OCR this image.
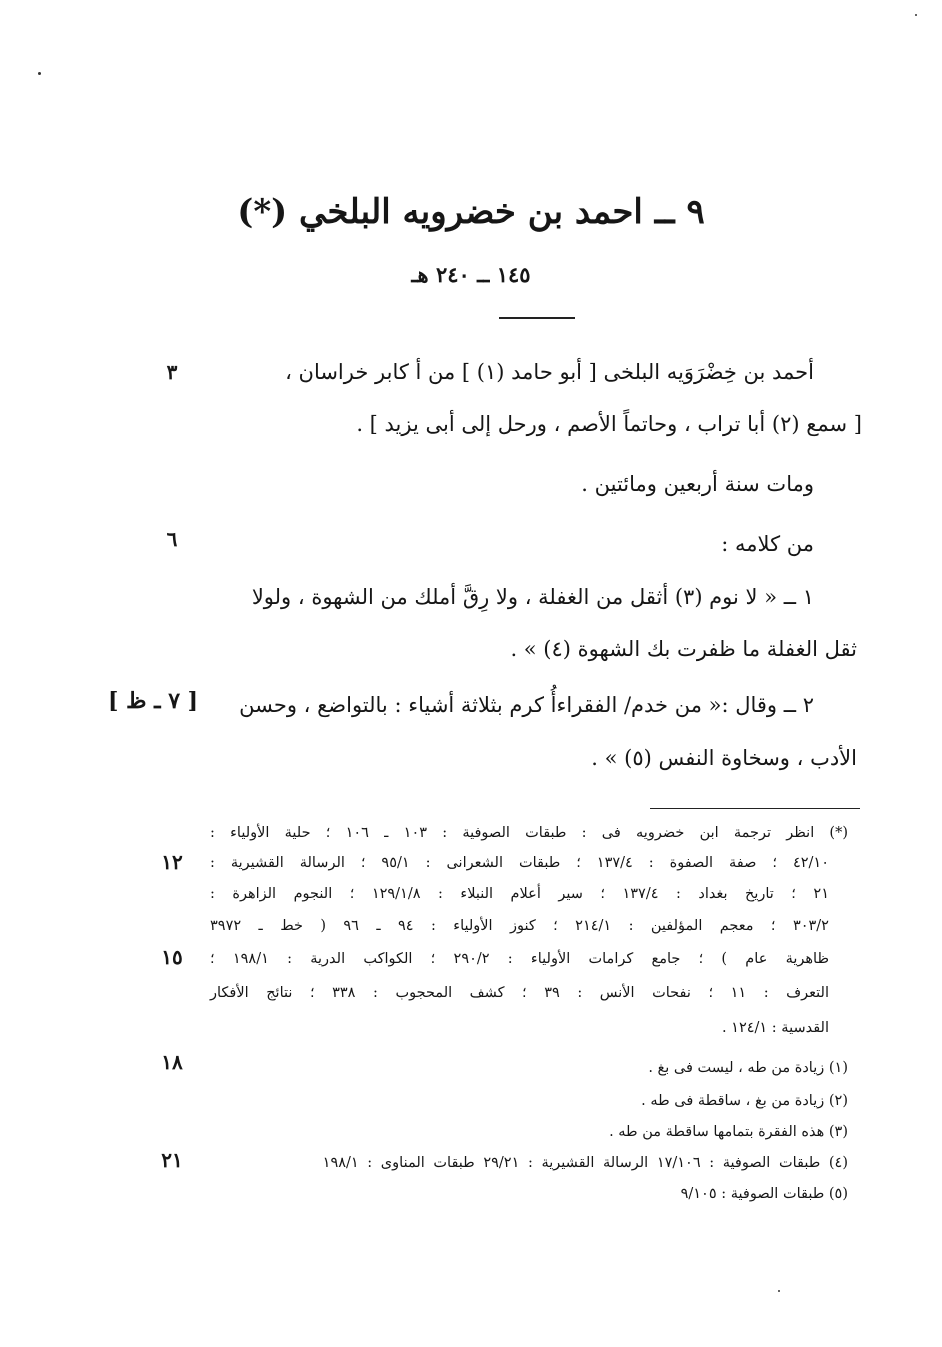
٩ ــ احمد بن خضرويه البلخي (*)
١٤٥ ــ ٢٤٠ هـ
أحمد بن خِضْرَوَيه البلخى [ أبو حامد (١) ] من أ كابر خراسان ،
[ سمع (٢) أبا تراب ، وحاتماً الأصم ، ورحل إلى أبى يزيد ] .
ومات سنة أربعين ومائتين .
من كلامه :
١ ــ « لا نوم (٣) أثقل من الغفلة ، ولا رِقَّ أملك من الشهوة ، ولولا
ثقل الغفلة ما ظفرت بك الشهوة (٤) » .
٢ ــ وقال :« من خدم/ الفقراءأُ كرم بثلاثة أشياء : بالتواضع ، وحسن
[ ٧ ـ ظ ]
الأدب ، وسخاوة النفس (٥) » .
٣
٦
١٢
١٥
١٨
٢١
(*) انظر ترجمة ابن خضرويه فى : طبقات الصوفية : ١٠٣ ـ ١٠٦ ؛ حلية الأولياء :
٤٢/١٠ ؛ صفة الصفوة : ١٣٧/٤ ؛ طبقات الشعرانى : ٩٥/١ ؛ الرسالة القشيرية :
٢١ ؛ تاريخ بغداد : ١٣٧/٤ ؛ سير أعلام النبلاء : ١٢٩/١/٨ ؛ النجوم الزاهرة :
٣٠٣/٢ ؛ معجم المؤلفين : ٢١٤/١ ؛ كنوز الأولياء : ٩٤ ـ ٩٦ ( خط ـ ٣٩٧٢
ظاهرية عام ) ؛ جامع كرامات الأولياء : ٢٩٠/٢ ؛ الكواكب الدرية : ١٩٨/١ ؛
التعرف : ١١ ؛ نفحات الأنس : ٣٩ ؛ كشف المحجوب : ٣٣٨ ؛ نتائج الأفكار
القدسية : ١٢٤/١ .
(١) زيادة من طه ، ليست فى بغ .
(٢) زيادة من بغ ، ساقطة فى طه .
(٣) هذه الفقرة بتمامها ساقطة من طه .
(٤) طبقات الصوفية : ١٧/١٠٦ الرسالة القشيرية : ٢٩/٢١ طبقات المناوى : ١٩٨/١
(٥) طبقات الصوفية : ٩/١٠٥
